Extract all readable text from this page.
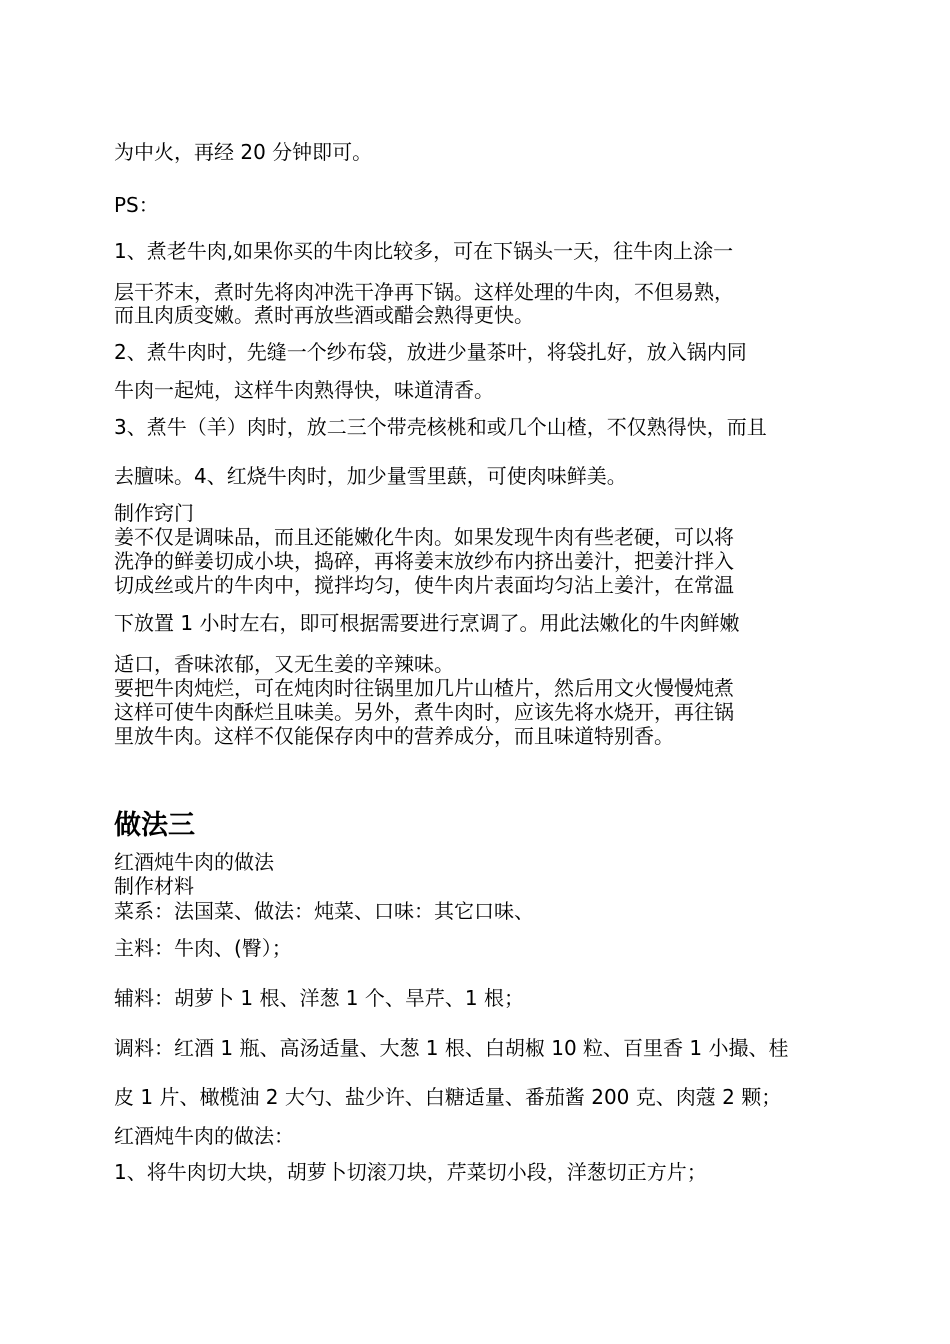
为中火，再经 20 分钟即可。

PS：

1、煮老牛肉,如果你买的牛肉比较多，可在下锅头一天，往牛肉上涂一

层干芥末，煮时先将肉冲洗干净再下锅。这样处理的牛肉，不但易熟，

而且肉质变嫩。煮时再放些酒或醋会熟得更快。

2、煮牛肉时，先缝一个纱布袋，放进少量茶叶，将袋扎好，放入锅内同

牛肉一起炖，这样牛肉熟得快，味道清香。

3、煮牛（羊）肉时，放二三个带壳核桃和或几个山楂，不仅熟得快，而且

去膻味。4、红烧牛肉时，加少量雪里蕻，可使肉味鲜美。

制作窍门

姜不仅是调味品，而且还能嫩化牛肉。如果发现牛肉有些老硬，可以将

洗净的鲜姜切成小块，捣碎，再将姜末放纱布内挤出姜汁，把姜汁拌入

切成丝或片的牛肉中，搅拌均匀，使牛肉片表面均匀沾上姜汁，在常温

下放置 1 小时左右，即可根据需要进行烹调了。用此法嫩化的牛肉鲜嫩

适口，香味浓郁，又无生姜的辛辣味。

要把牛肉炖烂，可在炖肉时往锅里加几片山楂片，然后用文火慢慢炖煮

这样可使牛肉酥烂且味美。另外，煮牛肉时，应该先将水烧开，再往锅

里放牛肉。这样不仅能保存肉中的营养成分，而且味道特别香。

做法三

红酒炖牛肉的做法

制作材料

菜系：法国菜、做法：炖菜、口味：其它口味、

主料：牛肉、(臀）；

辅料：胡萝卜 1 根、洋葱 1 个、旱芹、1 根；

调料：红酒 1 瓶、高汤适量、大葱 1 根、白胡椒 10 粒、百里香 1 小撮、桂

皮 1 片、橄榄油 2 大勺、盐少许、白糖适量、番茄酱 200 克、肉蔻 2 颗；

红酒炖牛肉的做法：

1、将牛肉切大块，胡萝卜切滚刀块，芹菜切小段，洋葱切正方片；
